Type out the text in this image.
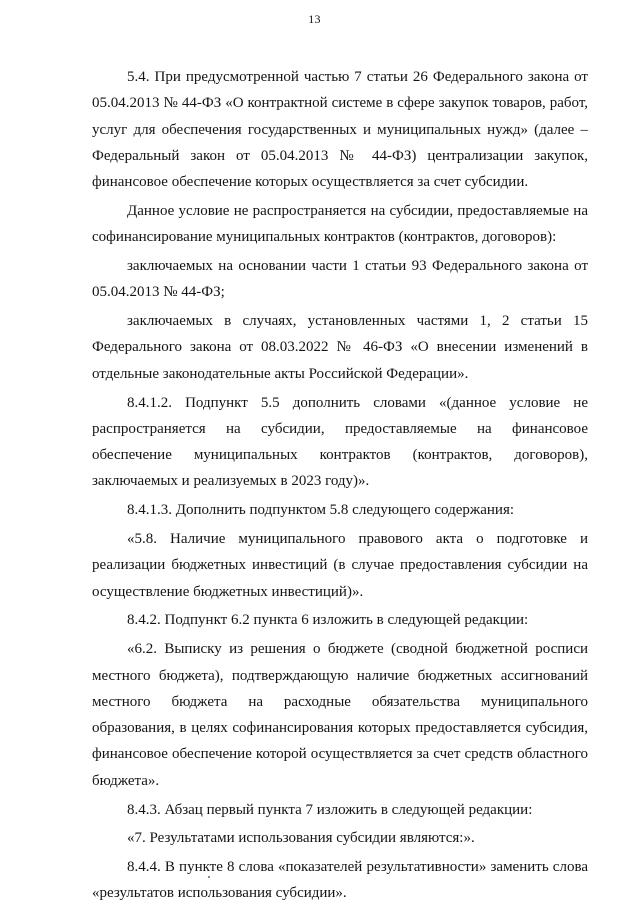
13

5.4. При предусмотренной частью 7 статьи 26 Федерального закона от 05.04.2013 № 44-ФЗ «О контрактной системе в сфере закупок товаров, работ, услуг для обеспечения государственных и муниципальных нужд» (далее – Федеральный закон от 05.04.2013 № 44-ФЗ) централизации закупок, финансовое обеспечение которых осуществляется за счет субсидии.

Данное условие не распространяется на субсидии, предоставляемые на софинансирование муниципальных контрактов (контрактов, договоров):

заключаемых на основании части 1 статьи 93 Федерального закона от 05.04.2013 № 44-ФЗ;

заключаемых в случаях, установленных частями 1, 2 статьи 15 Федерального закона от 08.03.2022 № 46-ФЗ «О внесении изменений в отдельные законодательные акты Российской Федерации».

8.4.1.2. Подпункт 5.5 дополнить словами «(данное условие не распространяется на субсидии, предоставляемые на финансовое обеспечение муниципальных контрактов (контрактов, договоров), заключаемых и реализуемых в 2023 году)».

8.4.1.3. Дополнить подпунктом 5.8 следующего содержания:

«5.8. Наличие муниципального правового акта о подготовке и реализации бюджетных инвестиций (в случае предоставления субсидии на осуществление бюджетных инвестиций)».

8.4.2. Подпункт 6.2 пункта 6 изложить в следующей редакции:

«6.2. Выписку из решения о бюджете (сводной бюджетной росписи местного бюджета), подтверждающую наличие бюджетных ассигнований местного бюджета на расходные обязательства муниципального образования, в целях софинансирования которых предоставляется субсидия, финансовое обеспечение которой осуществляется за счет средств областного бюджета».

8.4.3. Абзац первый пункта 7 изложить в следующей редакции:

«7. Результатами использования субсидии являются:».

8.4.4. В пункте 8 слова «показателей результативности» заменить слова «результатов использования субсидии».
